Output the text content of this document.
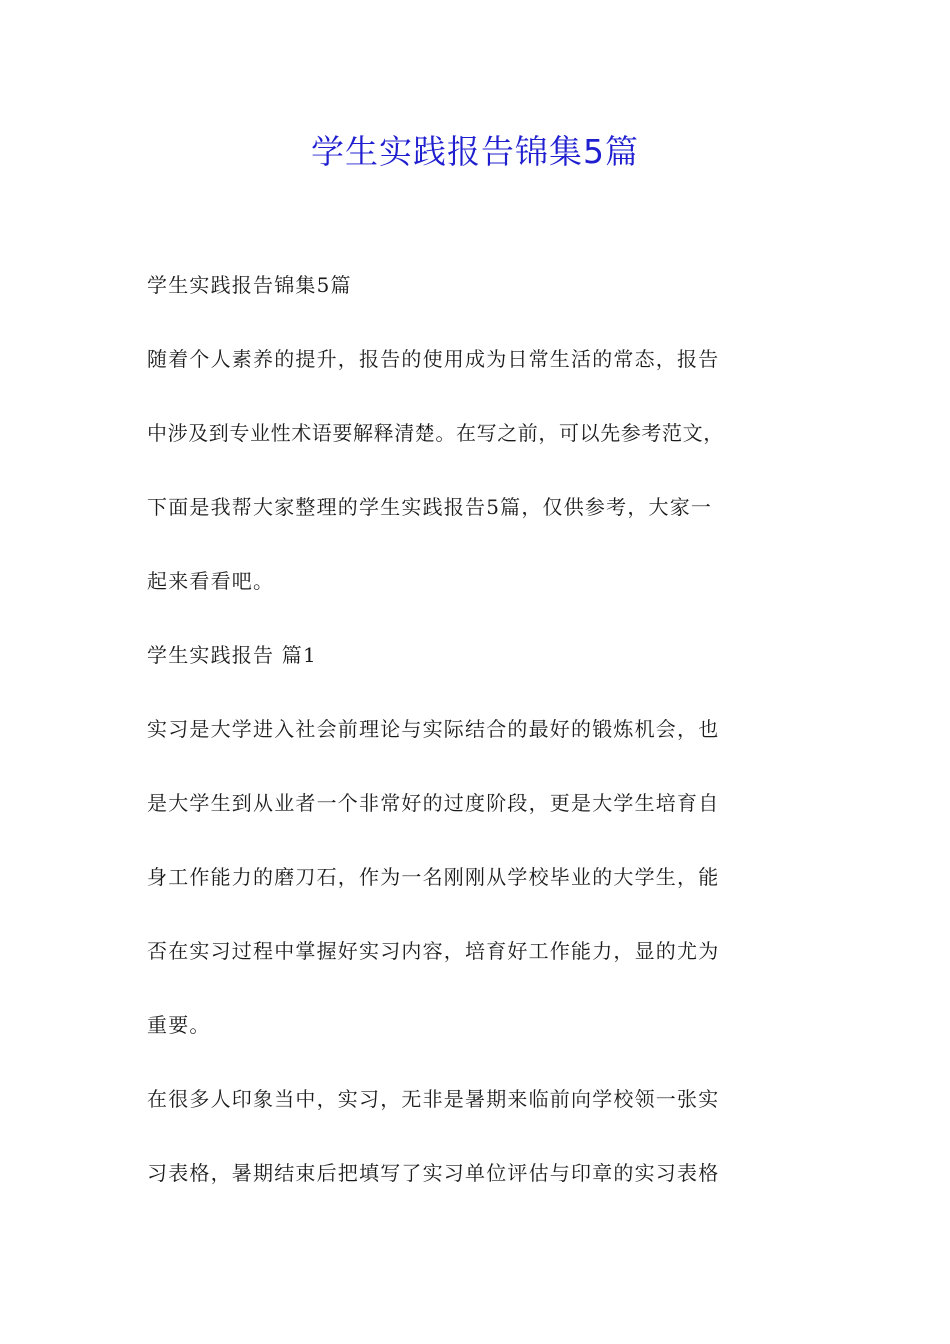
学生实践报告锦集5篇
学生实践报告锦集5篇
随着个人素养的提升，报告的使用成为日常生活的常态，报告
中涉及到专业性术语要解释清楚。在写之前，可以先参考范文，
下面是我帮大家整理的学生实践报告5篇，仅供参考，大家一
起来看看吧。
学生实践报告 篇1
实习是大学进入社会前理论与实际结合的最好的锻炼机会，也
是大学生到从业者一个非常好的过度阶段，更是大学生培育自
身工作能力的磨刀石，作为一名刚刚从学校毕业的大学生，能
否在实习过程中掌握好实习内容，培育好工作能力，显的尤为
重要。
在很多人印象当中，实习，无非是暑期来临前向学校领一张实
习表格，暑期结束后把填写了实习单位评估与印章的实习表格
